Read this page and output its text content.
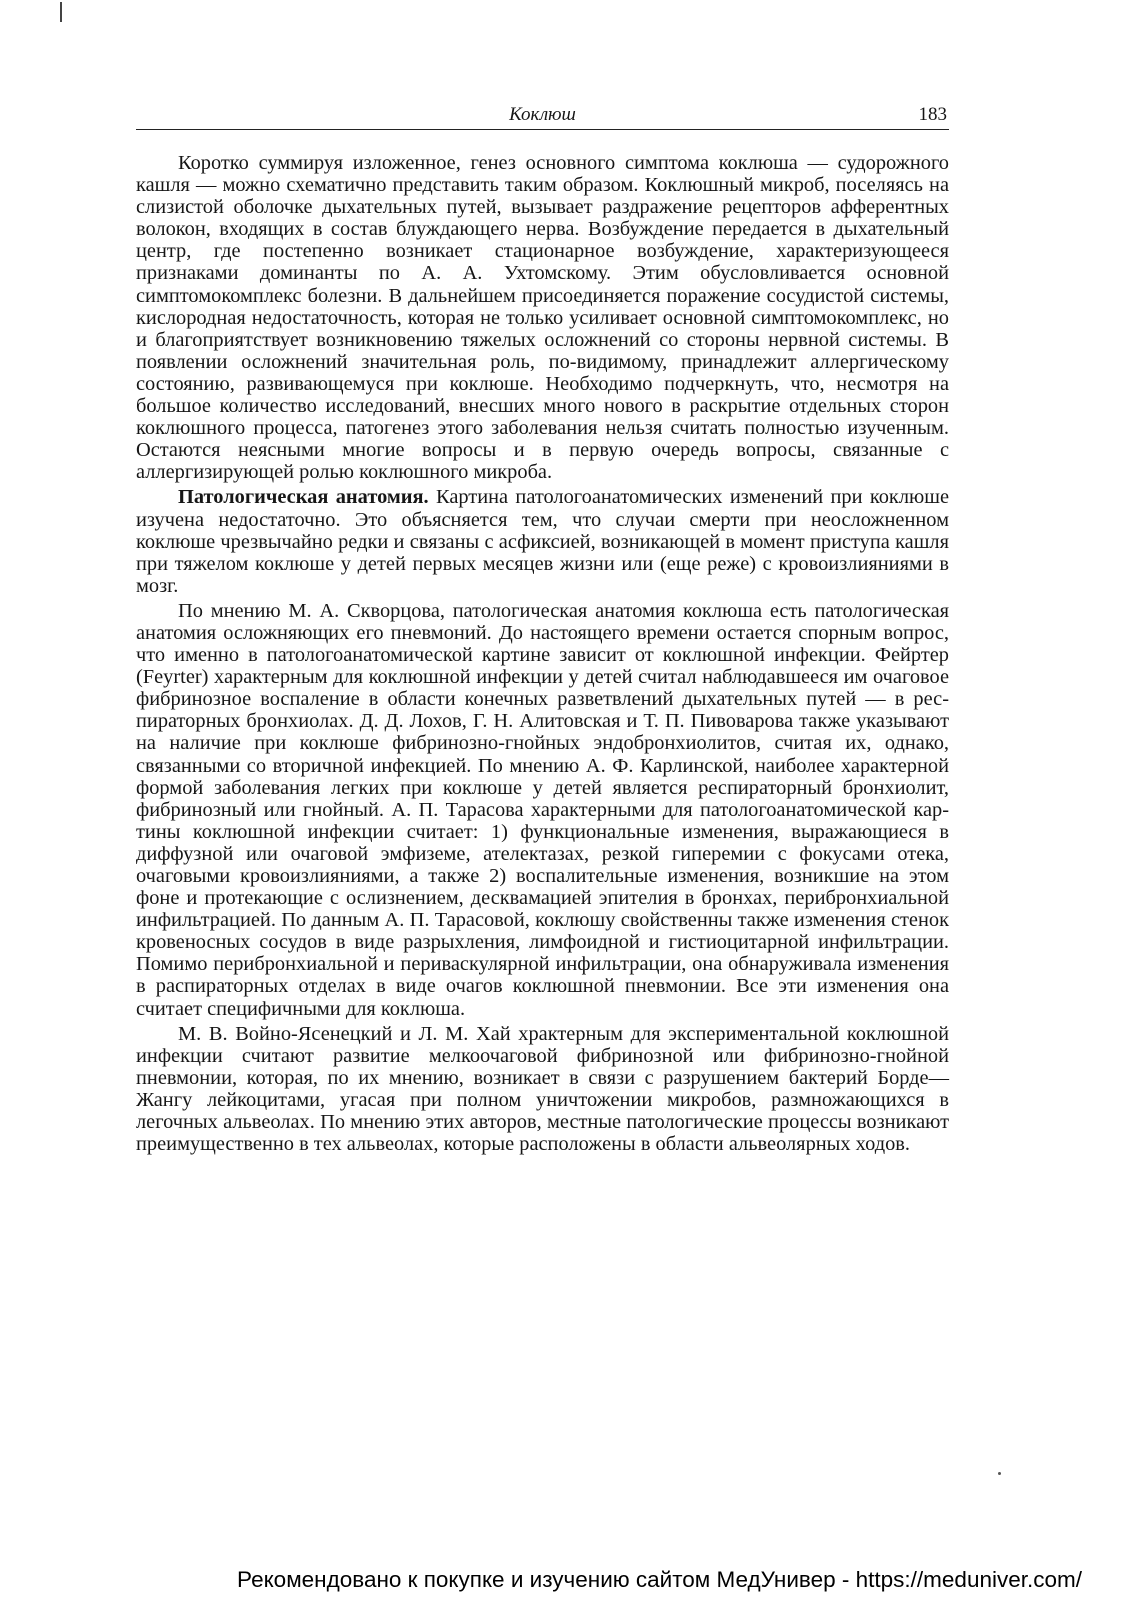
Коклюш	183

Коротко суммируя изложенное, генез основного симптома коклюша — судорожного кашля — можно схематично представить таким образом. Коклюшный микроб, поселяясь на слизистой оболочке дыхательных путей, вызывает раздражение рецепторов афферентных волокон, входящих в состав блуждающего нерва. Возбуждение передается в дыхательный центр, где постепенно возникает стационарное возбуждение, характеризующееся признаками доминанты по А. А. Ухтомскому. Этим обусловливается основной симптомокомплекс болезни. В дальнейшем присоединяется поражение сосудистой системы, кислородная недостаточность, которая не только усиливает основной симптомокомплекс, но и благоприятствует возникновению тяжелых осложнений со стороны нервной системы. В появлении осложнений значительная роль, по-видимому, принадлежит аллергическому состоянию, развивающемуся при коклюше. Необходимо подчеркнуть, что, несмотря на большое количество исследований, внесших много нового в раскрытие отдельных сторон коклюшного процесса, патогенез этого заболевания нельзя считать полностью изученным. Остаются неясными многие вопросы и в первую очередь вопросы, связанные с аллергизирующей ролью коклюшного микроба.

Патологическая анатомия. Картина патологоанатомических изменений при коклюше изучена недостаточно. Это объясняется тем, что случаи смерти при неосложненном коклюше чрезвычайно редки и связаны с асфиксией, возникающей в момент приступа кашля при тяжелом коклюше у детей первых месяцев жизни или (еще реже) с кровоизлияниями в мозг.

По мнению М. А. Скворцова, патологическая анатомия коклюша есть патологическая анатомия осложняющих его пневмоний. До настоящего времени остается спорным вопрос, что именно в патологоанатомической картине зависит от коклюшной инфекции. Фейртер (Feyrter) характерным для коклюшной инфекции у детей считал наблюдавшееся им очаговое фибринозное воспаление в области конечных разветвлений дыхательных путей — в респираторных бронхиолах. Д. Д. Лохов, Г. Н. Алитовская и Т. П. Пивоварова также указывают на наличие при коклюше фибринозно-гнойных эндобронхиолитов, считая их, однако, связанными со вторичной инфекцией. По мнению А. Ф. Карлинской, наиболее характерной формой заболевания легких при коклюше у детей является респираторный бронхиолит, фибринозный или гнойный. А. П. Тарасова характерными для патологоанатомической картины коклюшной инфекции считает: 1) функциональные изменения, выражающиеся в диффузной или очаговой эмфиземе, ателектазах, резкой гиперемии с фокусами отека, очаговыми кровоизлияниями, а также 2) воспалительные изменения, возникшие на этом фоне и протекающие с ослизнением, десквамацией эпителия в бронхах, перибронхиальной инфильтрацией. По данным А. П. Тарасовой, коклюшу свойственны также изменения стенок кровеносных сосудов в виде разрыхления, лимфоидной и гистиоцитарной инфильтрации. Помимо перибронхиальной и периваскулярной инфильтрации, она обнаруживала изменения в распираторных отделах в виде очагов коклюшной пневмонии. Все эти изменения она считает специфичными для коклюша.

М. В. Войно-Ясенецкий и Л. М. Хай храктерным для экспериментальной коклюшной инфекции считают развитие мелкоочаговой фибринозной или фибринозно-гнойной пневмонии, которая, по их мнению, возникает в связи с разрушением бактерий Борде—Жангу лейкоцитами, угасая при полном уничтожении микробов, размножающихся в легочных альвеолах. По мнению этих авторов, местные патологические процессы возникают преимущественно в тех альвеолах, которые расположены в области альвеолярных ходов.

Рекомендовано к покупке и изучению сайтом МедУнивер - https://meduniver.com/
